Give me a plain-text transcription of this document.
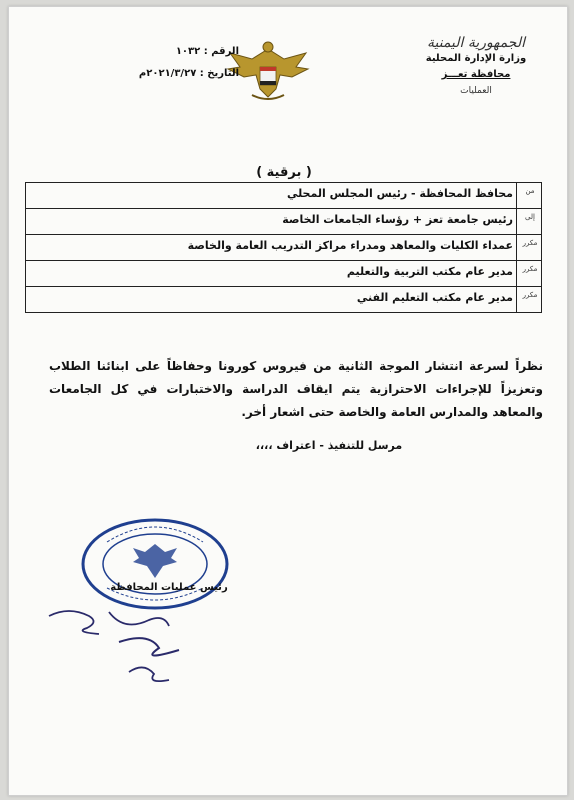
الجمهورية اليمنية
وزارة الإدارة المحلية
محافظة تعـــز
العمليات
الرقم : ١٠٣٢
التاريخ : ٢٠٢١/٣/٢٧م
( برقية )
من
محافظ المحافظة - رئيس المجلس المحلي
إلى
رئيس جامعة تعز + رؤساء الجامعات الخاصة
مكرر
عمداء الكليات والمعاهد ومدراء مراكز التدريب العامة والخاصة
مكرر
مدير عام مكتب التربية والتعليم
مكرر
مدير عام مكتب التعليم الفني
نظراً لسرعة انتشار الموجة الثانية من فيروس كورونا وحفاظاً على ابنائنا الطلاب وتعزيزاً للإجراءات الاحترازية يتم ايقاف الدراسة والاختبارات في كل الجامعات والمعاهد والمدارس العامة والخاصة حتى اشعار أخر.
مرسل للتنفيذ - اعتراف ،،،،
رئيس عمليات المحافظة
